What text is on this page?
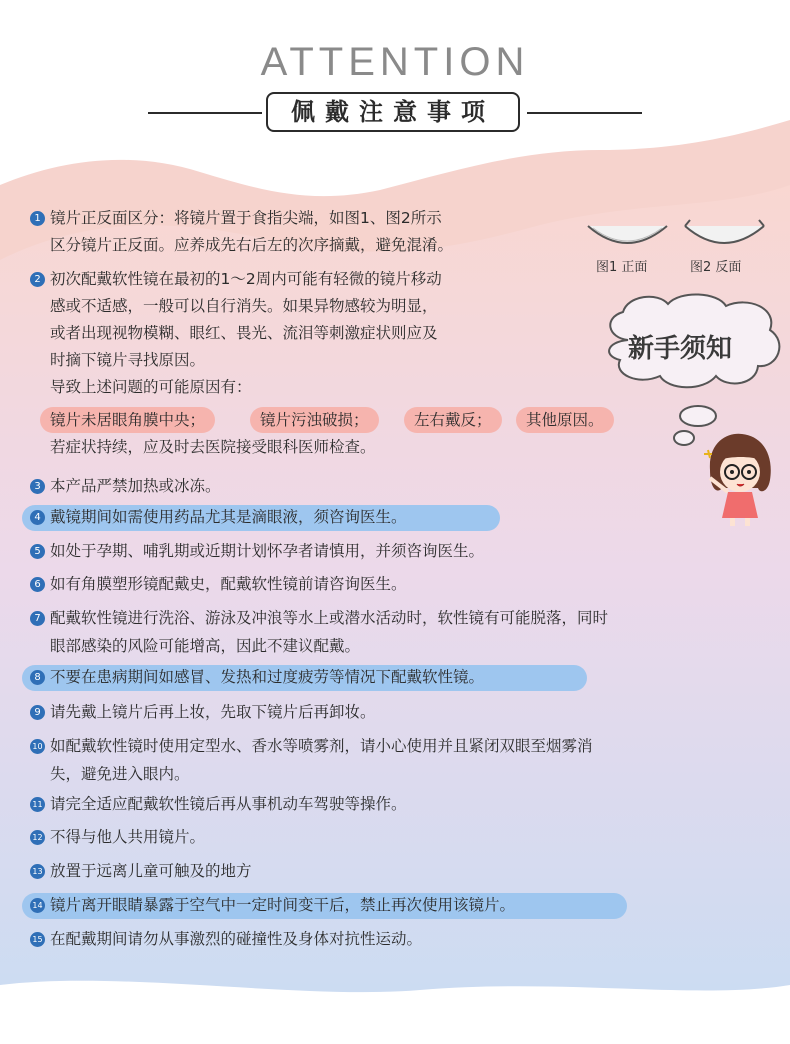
ATTENTION
佩戴注意事项
图1 正面	图2 反面
新手须知
1 镜片正反面区分：将镜片置于食指尖端，如图1、图2所示
区分镜片正反面。应养成先右后左的次序摘戴，避免混淆。
2 初次配戴软性镜在最初的1～2周内可能有轻微的镜片移动
感或不适感，一般可以自行消失。如果异物感较为明显，
或者出现视物模糊、眼红、畏光、流泪等刺激症状则应及
时摘下镜片寻找原因。
导致上述问题的可能原因有：
镜片未居眼角膜中央；	镜片污浊破损；	左右戴反；	其他原因。
若症状持续，应及时去医院接受眼科医师检查。
3 本产品严禁加热或冰冻。
4 戴镜期间如需使用药品尤其是滴眼液，须咨询医生。
5 如处于孕期、哺乳期或近期计划怀孕者请慎用，并须咨询医生。
6 如有角膜塑形镜配戴史，配戴软性镜前请咨询医生。
7 配戴软性镜进行洗浴、游泳及冲浪等水上或潜水活动时，软性镜有可能脱落，同时
眼部感染的风险可能增高，因此不建议配戴。
8 不要在患病期间如感冒、发热和过度疲劳等情况下配戴软性镜。
9 请先戴上镜片后再上妆，先取下镜片后再卸妆。
10 如配戴软性镜时使用定型水、香水等喷雾剂，请小心使用并且紧闭双眼至烟雾消
失，避免进入眼内。
11 请完全适应配戴软性镜后再从事机动车驾驶等操作。
12 不得与他人共用镜片。
13 放置于远离儿童可触及的地方
14 镜片离开眼睛暴露于空气中一定时间变干后，禁止再次使用该镜片。
15 在配戴期间请勿从事激烈的碰撞性及身体对抗性运动。
